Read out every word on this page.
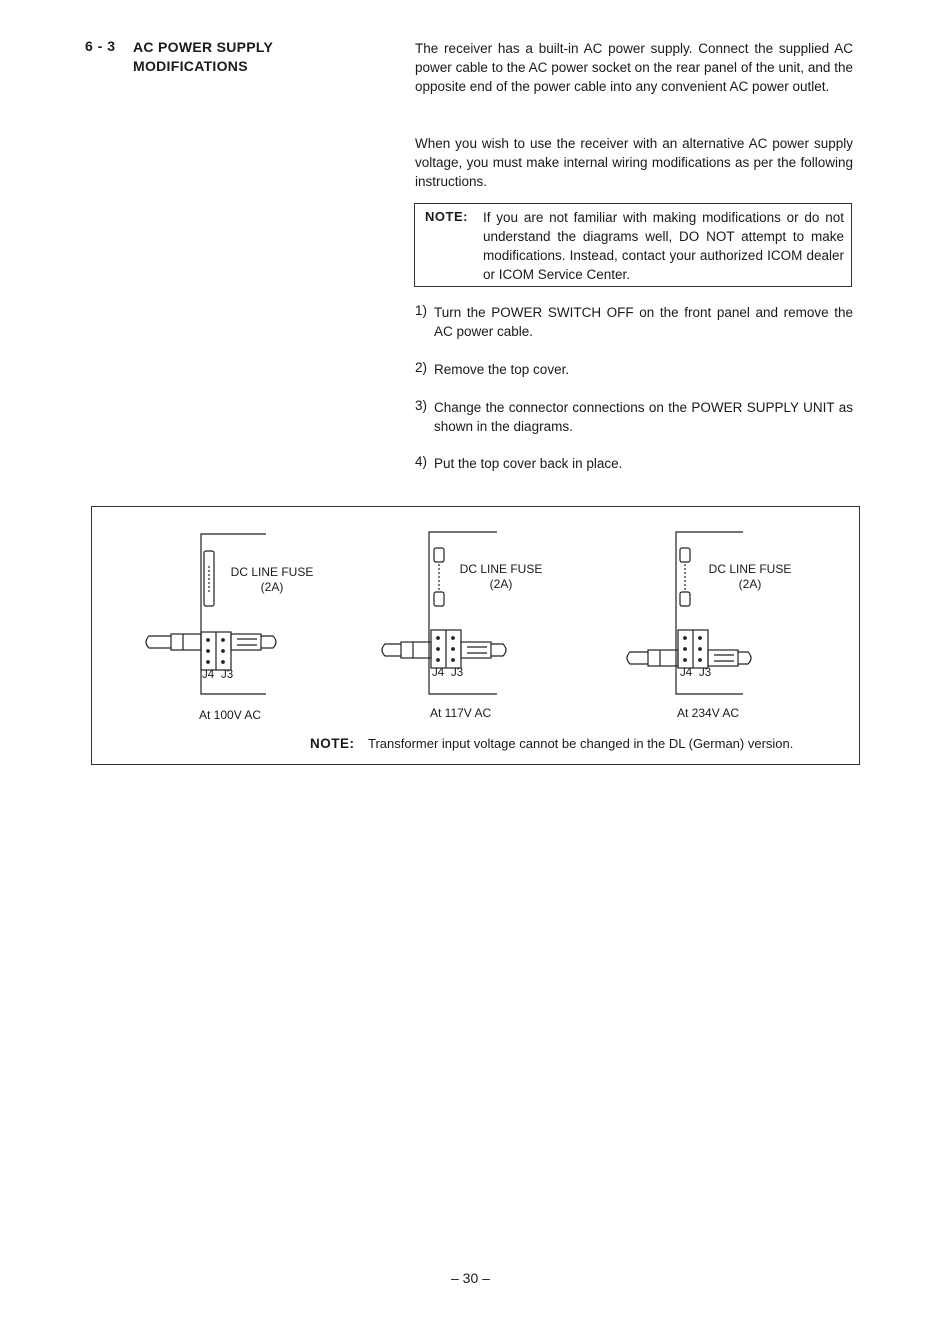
6 - 3 AC POWER SUPPLY
MODIFICATIONS
The receiver has a built-in AC power supply. Connect the supplied AC power cable to the AC power socket on the rear panel of the unit, and the opposite end of the power cable into any convenient AC power outlet.
When you wish to use the receiver with an alternative AC power supply voltage, you must make internal wiring modifications as per the following instructions.
NOTE: If you are not familiar with making modifications or do not understand the diagrams well, DO NOT attempt to make modifications. Instead, contact your authorized ICOM dealer or ICOM Service Center.
1) Turn the POWER SWITCH OFF on the front panel and remove the AC power cable.
2) Remove the top cover.
3) Change the connector connections on the POWER SUPPLY UNIT as shown in the diagrams.
4) Put the top cover back in place.
DC LINE FUSE
(2A)
J4 J3
At 100V AC
DC LINE FUSE
(2A)
J4 J3
At 117V AC
DC LINE FUSE
(2A)
J4 J3
At 234V AC
NOTE: Transformer input voltage cannot be changed in the DL (German) version.
– 30 –
